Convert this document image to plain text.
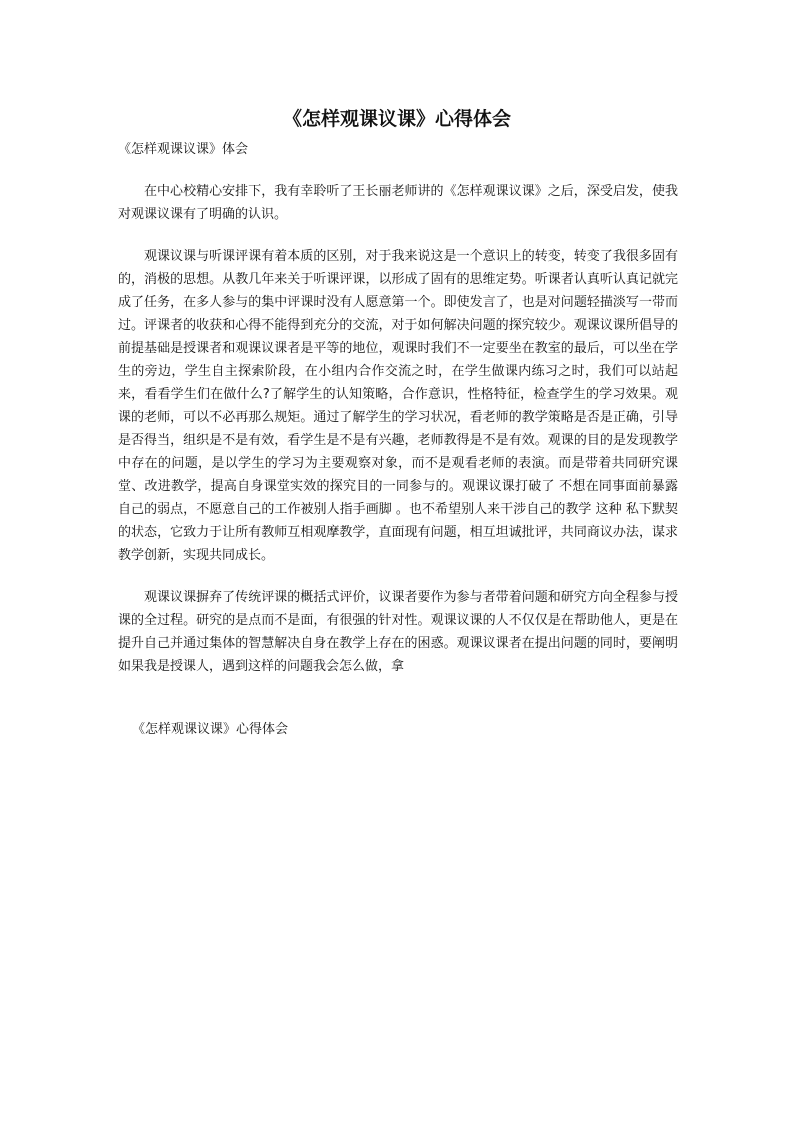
《怎样观课议课》心得体会

《怎样观课议课》体会

在中心校精心安排下，我有幸聆听了王长丽老师讲的《怎样观课议课》之后，深受启发，使我对观课议课有了明确的认识。

观课议课与听课评课有着本质的区别，对于我来说这是一个意识上的转变，转变了我很多固有的，消极的思想。从教几年来关于听课评课，以形成了固有的思维定势。听课者认真听认真记就完成了任务，在多人参与的集中评课时没有人愿意第一个。即使发言了，也是对问题轻描淡写一带而过。评课者的收获和心得不能得到充分的交流，对于如何解决问题的探究较少。观课议课所倡导的前提基础是授课者和观课议课者是平等的地位，观课时我们不一定要坐在教室的最后，可以坐在学生的旁边，学生自主探索阶段，在小组内合作交流之时，在学生做课内练习之时，我们可以站起来，看看学生们在做什么?了解学生的认知策略，合作意识，性格特征，检查学生的学习效果。观课的老师，可以不必再那么规矩。通过了解学生的学习状况，看老师的教学策略是否是正确，引导是否得当，组织是不是有效，看学生是不是有兴趣，老师教得是不是有效。观课的目的是发现教学中存在的问题，是以学生的学习为主要观察对象，而不是观看老师的表演。而是带着共同研究课堂、改进教学，提高自身课堂实效的探究目的一同参与的。观课议课打破了 不想在同事面前暴露自己的弱点，不愿意自己的工作被别人指手画脚 。也不希望别人来干涉自己的教学 这种 私下默契 的状态，它致力于让所有教师互相观摩教学，直面现有问题，相互坦诚批评，共同商议办法，谋求教学创新，实现共同成长。

观课议课摒弃了传统评课的概括式评价，议课者要作为参与者带着问题和研究方向全程参与授课的全过程。研究的是点而不是面，有很强的针对性。观课议课的人不仅仅是在帮助他人，更是在提升自己并通过集体的智慧解决自身在教学上存在的困惑。观课议课者在提出问题的同时，要阐明如果我是授课人，遇到这样的问题我会怎么做，拿

《怎样观课议课》心得体会
